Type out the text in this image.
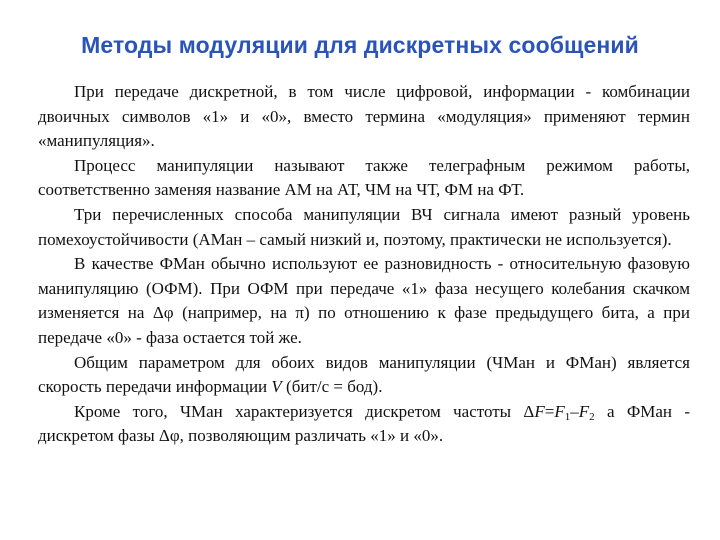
Методы модуляции для дискретных сообщений

При передаче дискретной, в том числе цифровой, информации - комбинации двоичных символов «1» и «0», вместо термина «модуляция» применяют термин «манипуляция».

Процесс манипуляции называют также телеграфным режимом работы, соответственно заменяя название АМ на АТ, ЧМ на ЧТ, ФМ на ФТ.

Три перечисленных способа манипуляции ВЧ сигнала имеют разный уровень помехоустойчивости (АМан – самый низкий и, поэтому, практически не используется).

В качестве ФМан обычно используют ее разновидность - относительную фазовую манипуляцию (ОФМ). При ОФМ при передаче «1» фаза несущего колебания скачком изменяется на Δφ (например, на π) по отношению к фазе предыдущего бита, а при передаче «0» - фаза остается той же.

Общим параметром для обоих видов манипуляции (ЧМан и ФМан) является скорость передачи информации V (бит/с = бод).

Кроме того, ЧМан характеризуется дискретом частоты $\Delta F=F_1-F_2$ а ФМан - дискретом фазы Δφ, позволяющим различать «1» и «0».
